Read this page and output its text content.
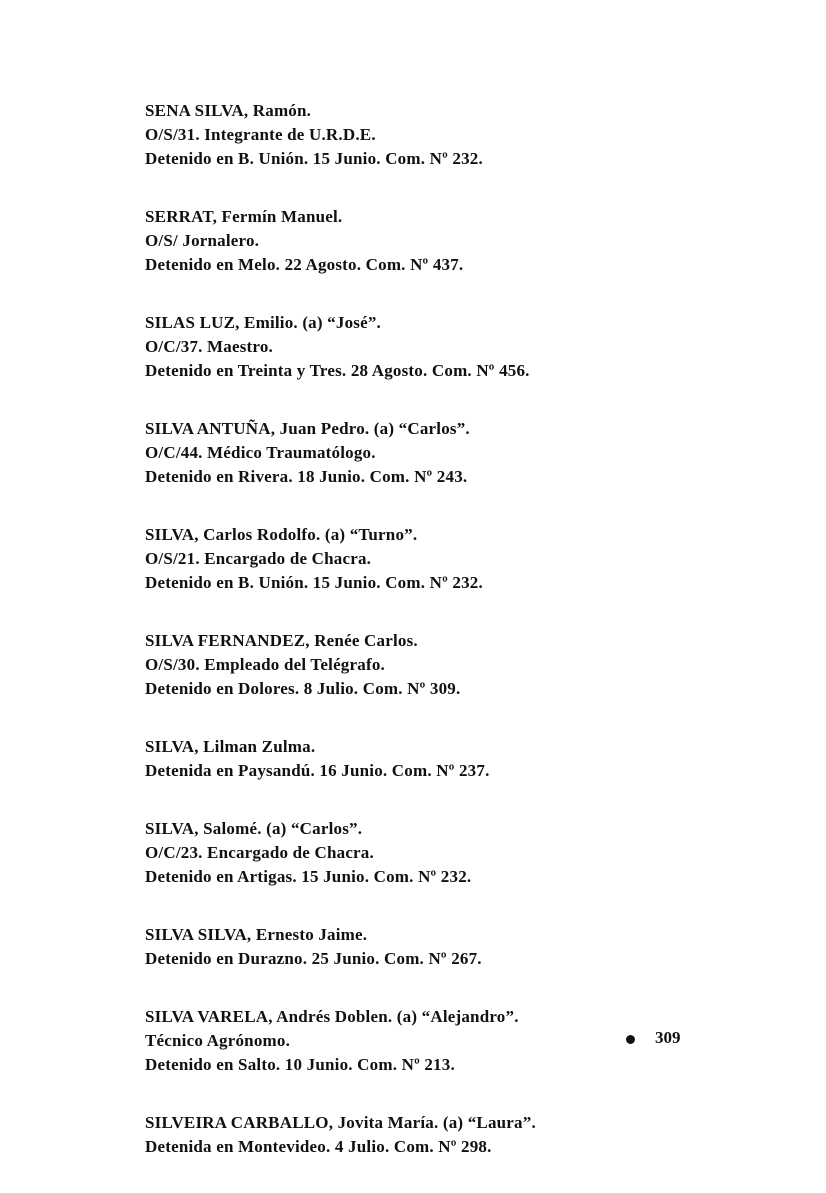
SENA SILVA, Ramón.
O/S/31. Integrante de U.R.D.E.
Detenido en B. Unión. 15 Junio. Com. Nº 232.
SERRAT, Fermín Manuel.
O/S/ Jornalero.
Detenido en Melo. 22 Agosto. Com. Nº 437.
SILAS LUZ, Emilio. (a) “José”.
O/C/37. Maestro.
Detenido en Treinta y Tres. 28 Agosto. Com. Nº 456.
SILVA ANTUÑA, Juan Pedro. (a) “Carlos”.
O/C/44. Médico Traumatólogo.
Detenido en Rivera. 18 Junio. Com. Nº 243.
SILVA, Carlos Rodolfo. (a) “Turno”.
O/S/21. Encargado de Chacra.
Detenido en B. Unión. 15 Junio. Com. Nº 232.
SILVA FERNANDEZ, Renée Carlos.
O/S/30. Empleado del Telégrafo.
Detenido en Dolores. 8 Julio. Com. Nº 309.
SILVA, Lilman Zulma.
Detenida en Paysandú. 16 Junio. Com. Nº 237.
SILVA, Salomé. (a) “Carlos”.
O/C/23. Encargado de Chacra.
Detenido en Artigas. 15 Junio. Com. Nº 232.
SILVA SILVA, Ernesto Jaime.
Detenido en Durazno. 25 Junio. Com. Nº 267.
SILVA VARELA, Andrés Doblen. (a) “Alejandro”.
Técnico Agrónomo.
Detenido en Salto. 10 Junio. Com. Nº 213.
SILVEIRA CARBALLO, Jovita María. (a) “Laura”.
Detenida en Montevideo. 4 Julio. Com. Nº 298.
309
